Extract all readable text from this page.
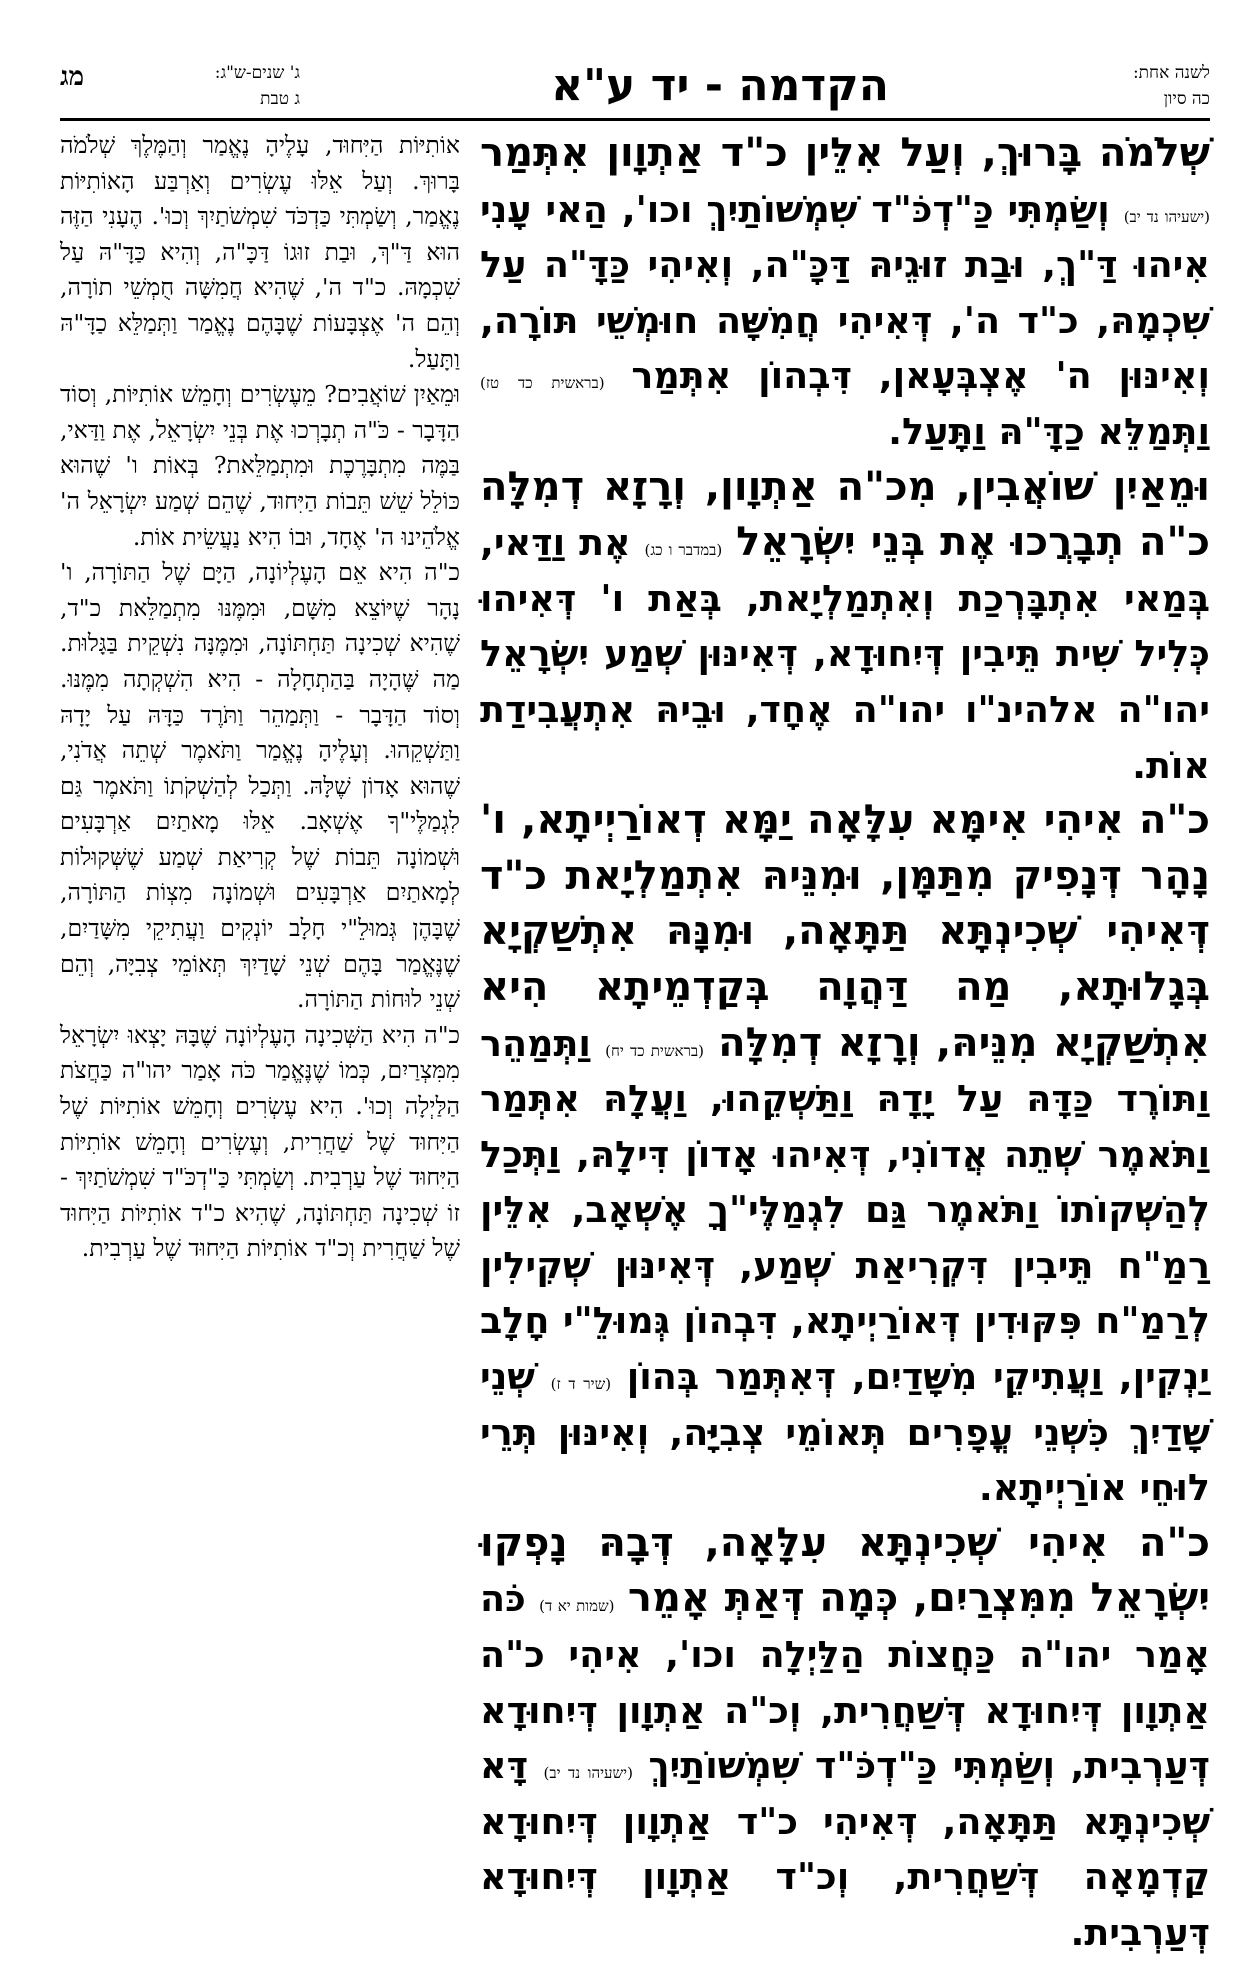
לשנה אחת:
כה סיון
הקדמה - יד ע"א
ג' שנים-ש"ג:
ג טבת
מג

שְׁלֹמֹה בָּרוּךְ, וְעַל אִלֵּין כ"ד אַתְוָון אִתְּמַר (ישעיהו נד יב) וְשַׂמְתִּי כַּ"דְכֹּ"ד שִׁמְשׁוֹתַיִךְ וכו', הַאי עָנִי אִיהוּ דַּ"ךְ, וּבַת זוּגֵיהּ דַּכָּ"ה, וְאִיהִי כַּדָּ"ה עַל שִׁכְמָהּ, כ"ד ה', דְּאִיהִי חֲמִשָּׁה חוּמְשֵׁי תּוֹרָה, וְאִינּוּן ה' אֶצְבְּעָאן, דִּבְהוֹן אִתְּמַר (בראשית כד טז) וַתְּמַלֵּא כַדָּ"הּ וַתָּעַל.

וּמֵאַיִן שׁוֹאֲבִין, מִכ"ה אַתְוָון, וְרָזָא דְמִלָּה כ"ה תְבָרֲכוּ אֶת בְּנֵי יִשְׂרָאֵל (במדבר ו כג) אֶת וַדַּאי, בְּמַאי אִתְבָּרְכַת וְאִתְמַלְיָאת, בְּאַת ו' דְּאִיהוּ כְּלִיל שִׁית תֵּיבִין דְּיִחוּדָא, דְּאִינּוּן שְׁמַע יִשְׂרָאֵל יהו"ה אלהינ"ו יהו"ה אֶחָד, וּבֵיהּ אִתְעֲבִידַת אוֹת.

כ"ה אִיהִי אִימָּא עִלָּאָה יַמָּא דְאוֹרַיְיתָא, ו' נָהָר דְּנָפִיק מִתַּמָּן, וּמִנֵּיהּ אִתְמַלְיָאת כ"ד דְּאִיהִי שְׁכִינְתָּא תַּתָּאָה, וּמִנָּהּ אִתְשַׁקְיָא בְּגָלוּתָא, מַה דַּהֲוָה בְּקַדְמֵיתָא הִיא אִתְשַׁקְיָא מִנֵּיהּ, וְרָזָא דְמִלָּה (בראשית כד יח) וַתְּמַהֵר וַתּוֹרֶד כַּדָּהּ עַל יָדָהּ וַתַּשְׁקֵהוּ, וַעֲלָהּ אִתְּמַר וַתֹּאמֶר שְׁתֵה אֲדוֹנִי, דְּאִיהוּ אָדוֹן דִּילָהּ, וַתְּכַל לְהַשְׁקוֹתוֹ וַתֹּאמֶר גַּם לִגְמַלֶּי"ךָ אֶשְׁאָב, אִלֵּין רַמַ"ח תֵּיבִין דִּקְרִיאַת שְׁמַע, דְּאִינּוּן שְׁקִילִין לְרַמַ"ח פִּקּוּדִין דְּאוֹרַיְיתָא, דִּבְהוֹן גְּמוּלֵ"י חָלָב יַנְקִין, וַעֲתִיקֵי מִשָּׁדַיִם, דְּאִתְּמַר בְּהוֹן (שיר ד ז) שְׁנֵי שָׁדַיִךְ כִּשְׁנֵי עֳפָרִים תְּאוֹמֵי צְבִיָּה, וְאִינּוּן תְּרֵי לוּחֵי אוֹרַיְיתָא.

כ"ה אִיהִי שְׁכִינְתָּא עִלָּאָה, דְּבָהּ נָפְקוּ יִשְׂרָאֵל מִמִּצְרַיִם, כְּמָה דְּאַתְּ אָמֵר (שמות יא ד) כֹּה אָמַר יהו"ה כַּחֲצוֹת הַלַּיְלָה וכו', אִיהִי כ"ה אַתְוָון דְּיִחוּדָא דְּשַׁחֲרִית, וְכ"ה אַתְוָון דְּיִחוּדָא דְּעַרְבִית, וְשַׂמְתִּי כַּ"דְכֹּ"ד שִׁמְשׁוֹתַיִךְ (ישעיהו נד יב) דָּא שְׁכִינְתָּא תַּתָּאָה, דְּאִיהִי כ"ד אַתְוָון דְּיִחוּדָא קַדְמָאָה דְּשַׁחֲרִית, וְכ"ד אַתְוָון דְּיִחוּדָא דְּעַרְבִית.

אוֹתִיּוֹת הַיִּחוּד, עָלֶיהָ נֶאֱמַר וְהַמֶּלֶךְ שְׁלֹמֹה בָּרוּךְ. וְעַל אֵלּוּ עֶשְׂרִים וְאַרְבַּע הָאוֹתִיּוֹת נֶאֱמַר, וְשַׂמְתִּי כַּדְכֹּד שִׁמְשֹׁתַיִךְ וְכוּ'. הֶעָנִי הַזֶּה הוּא דַּ"ךְ, וּבַת זוּגוֹ דַּכָּ"ה, וְהִיא כַּדָּ"הּ עַל שִׁכְמָהּ. כ"ד ה', שֶׁהִיא חֲמִשָּׁה חֻמְשֵׁי תוֹרָה, וְהֵם ה' אֶצְבָּעוֹת שֶׁבָּהֶם נֶאֱמַר וַתְּמַלֵּא כַדָּ"הּ וַתָּעַל.

וּמֵאַיִן שׁוֹאֲבִים? מֵעֶשְׂרִים וְחָמֵשׁ אוֹתִיּוֹת, וְסוֹד הַדָּבָר - כֹּ"ה תְבָרְכוּ אֶת בְּנֵי יִשְׂרָאֵל, אֶת וַדַּאי, בַּמֶּה מִתְבָּרֶכֶת וּמִתְמַלֵּאת? בְּאוֹת ו' שֶׁהוּא כּוֹלֵל שֵׁשׁ תֵּבוֹת הַיִּחוּד, שֶׁהֵם שְׁמַע יִשְׂרָאֵל ה' אֱלֹהֵינוּ ה' אֶחָד, וּבוֹ הִיא נַעֲשֵׂית אוֹת.

כ"ה הִיא אֵם הָעֶלְיוֹנָה, הַיָּם שֶׁל הַתּוֹרָה, ו' נָהָר שֶׁיּוֹצֵא מִשָּׁם, וּמִמֶּנּוּ מִתְמַלֵּאת כ"ד, שֶׁהִיא שְׁכִינָה תַּחְתּוֹנָה, וּמִמֶּנָּה נִשְׁקֵית בַּגָּלוּת. מַה שֶּׁהָיָה בַּהַתְחָלָה - הִיא הִשְׁקְתָה מִמֶּנּוּ. וְסוֹד הַדָּבָר - וַתְּמַהֵר וַתֹּרֶד כַּדָּהּ עַל יָדָהּ וַתַּשְׁקֵהוּ. וְעָלֶיהָ נֶאֱמַר וַתֹּאמֶר שְׁתֵה אֲדֹנִי, שֶׁהוּא אָדוֹן שֶׁלָּהּ. וַתְּכַל לְהַשְׁקֹתוֹ וַתֹּאמֶר גַּם לִגְמַלֶּי"ךָ אֶשְׁאָב. אֵלּוּ מָאתַיִם אַרְבָּעִים וּשְׁמוֹנָה תֵּבוֹת שֶׁל קְרִיאַת שְׁמַע שֶׁשְּׁקוּלוֹת לְמָאתַיִם אַרְבָּעִים וּשְׁמוֹנָה מִצְוֹת הַתּוֹרָה, שֶׁבָּהֶן גְּמוּלֵ"י חָלָב יוֹנְקִים וַעֲתִיקֵי מִשָּׁדַיִם, שֶׁנֶּאֱמַר בָּהֶם שְׁנֵי שָׁדַיִךְ תְּאוֹמֵי צְבִיָּה, וְהֵם שְׁנֵי לוּחוֹת הַתּוֹרָה.

כ"ה הִיא הַשְּׁכִינָה הָעֶלְיוֹנָה שֶׁבָּהּ יָצְאוּ יִשְׂרָאֵל מִמִּצְרַיִם, כְּמוֹ שֶׁנֶּאֱמַר כֹּה אָמַר יהו"ה כַּחֲצֹת הַלַּיְלָה וְכוּ'. הִיא עֶשְׂרִים וְחָמֵשׁ אוֹתִיּוֹת שֶׁל הַיִּחוּד שֶׁל שַׁחֲרִית, וְעֶשְׂרִים וְחָמֵשׁ אוֹתִיּוֹת הַיִּחוּד שֶׁל עַרְבִית. וְשַׂמְתִּי כַּ"דְכֹּ"ד שִׁמְשֹׁתַיִךְ - זוֹ שְׁכִינָה תַּחְתּוֹנָה, שֶׁהִיא כ"ד אוֹתִיּוֹת הַיִּחוּד שֶׁל שַׁחֲרִית וְכ"ד אוֹתִיּוֹת הַיִּחוּד שֶׁל עַרְבִית.
